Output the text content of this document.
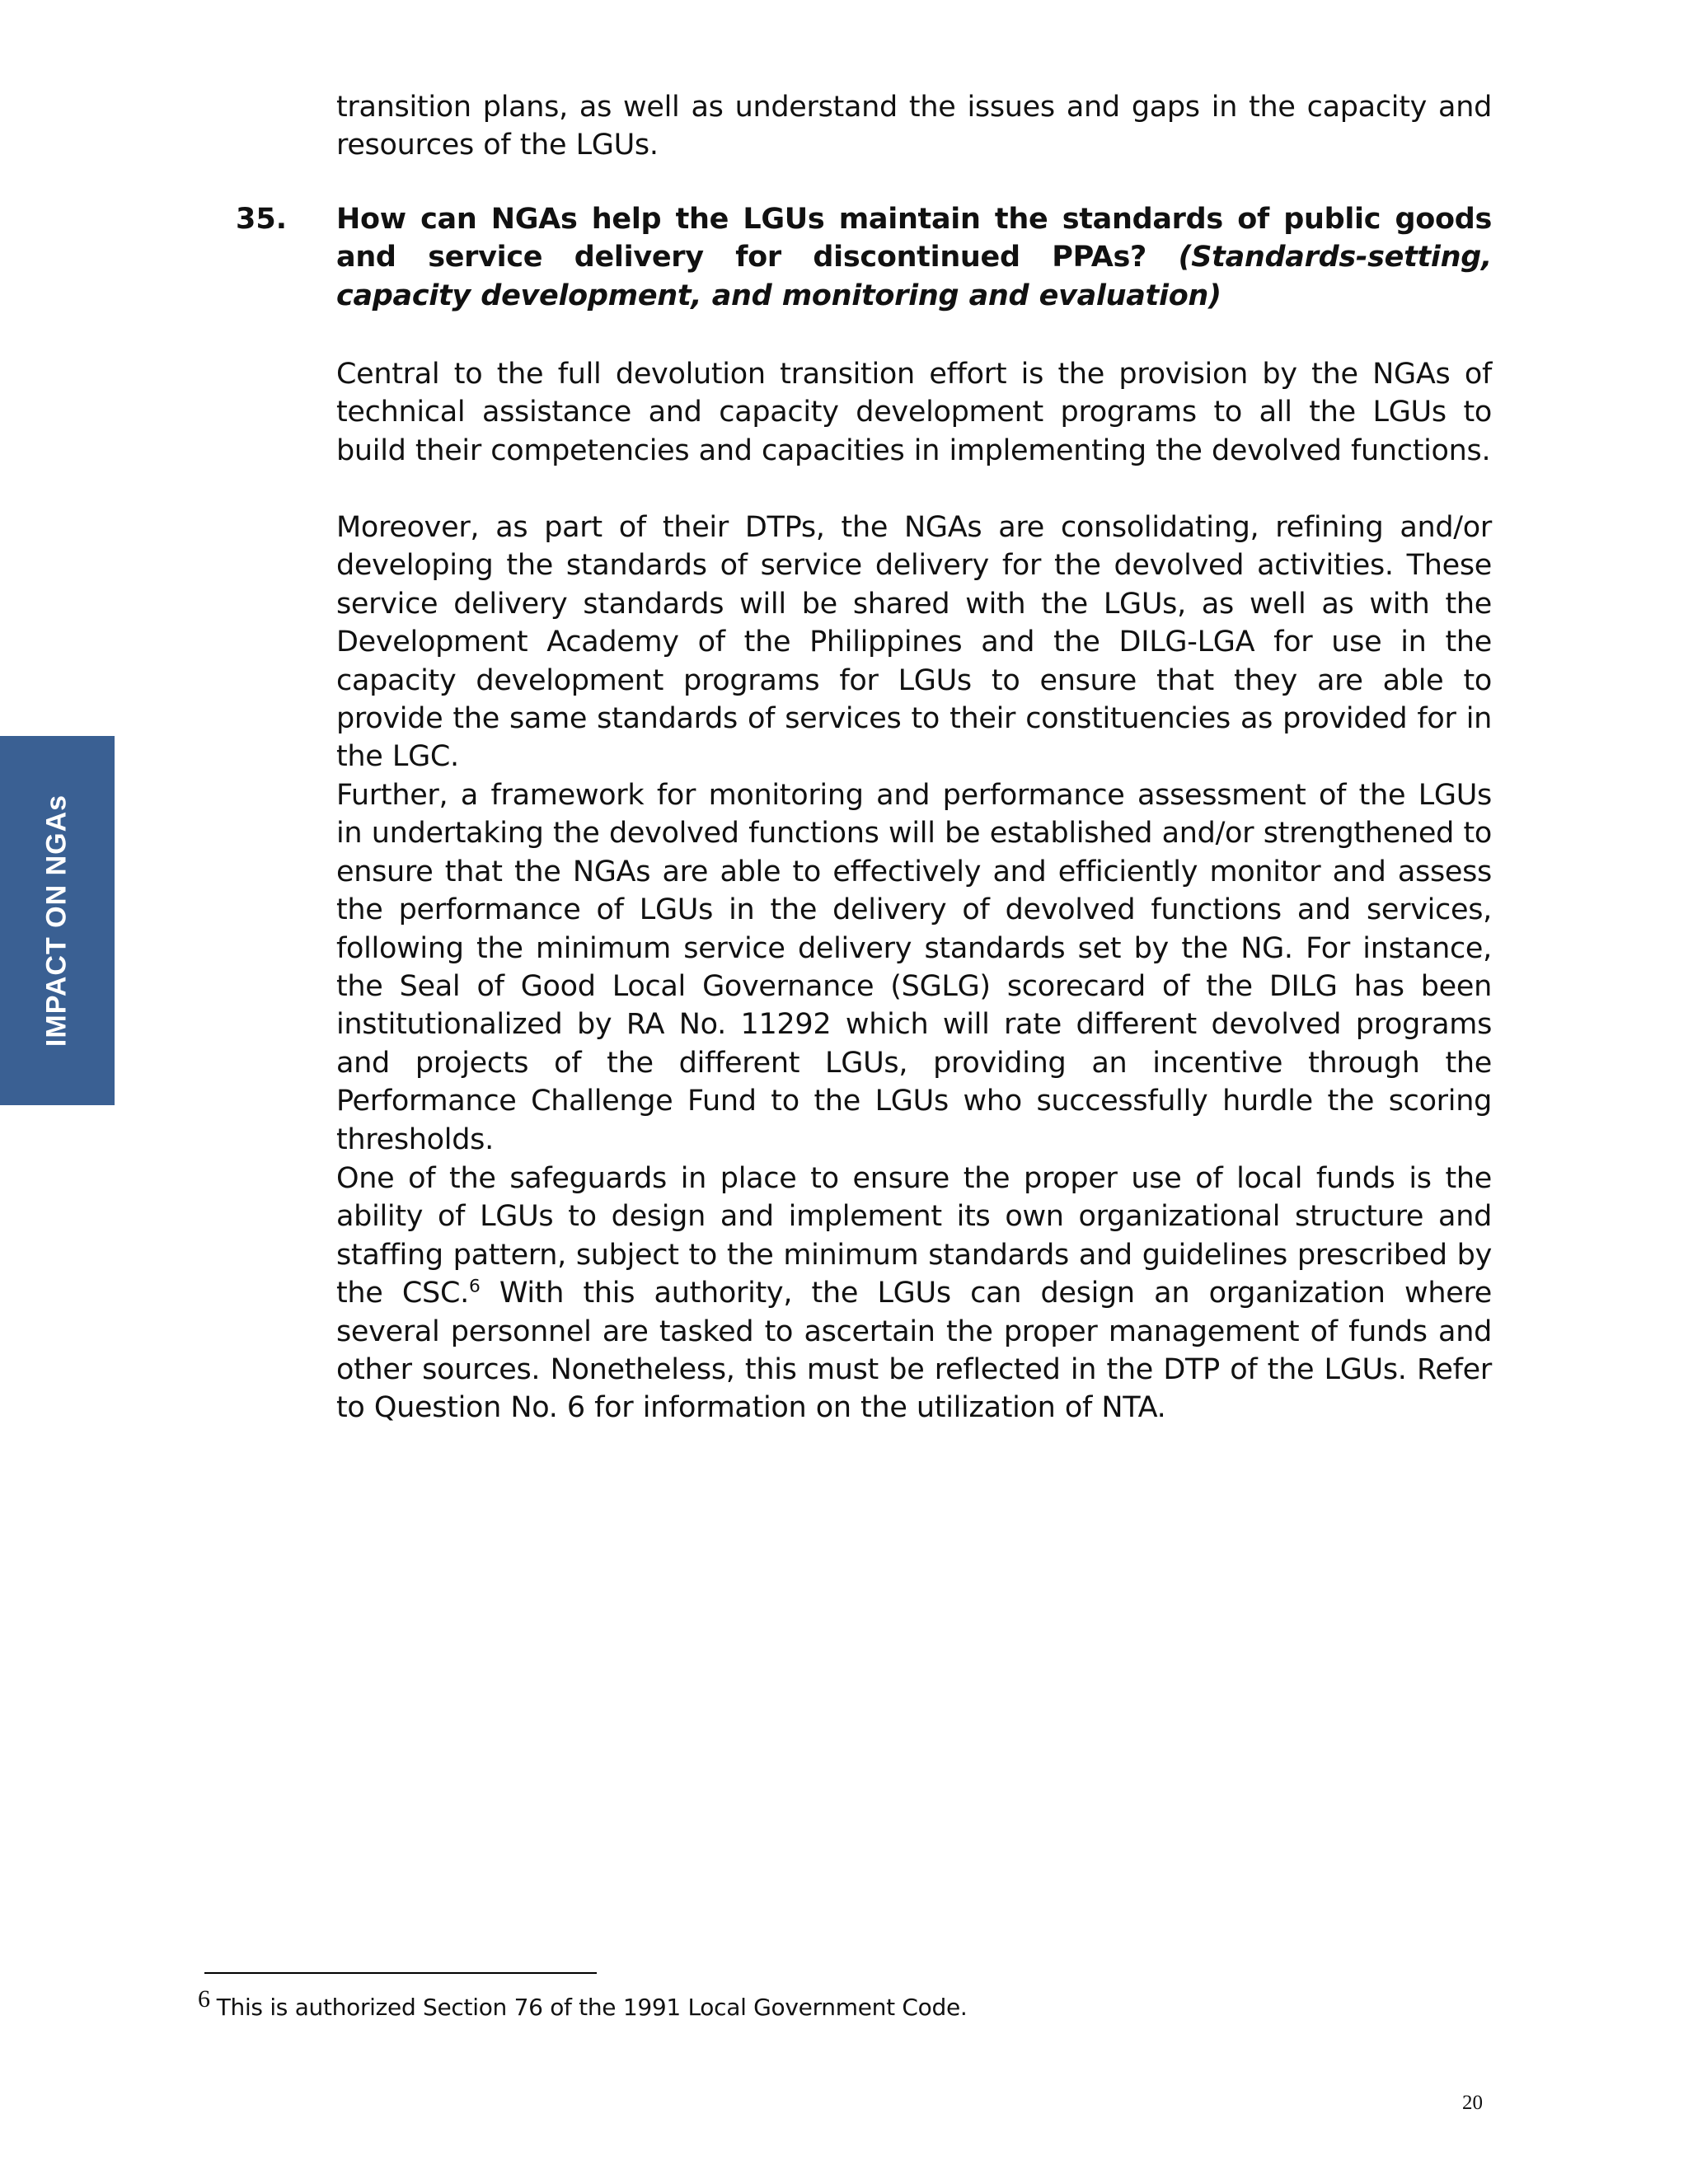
IMPACT ON NGAs
transition plans, as well as understand the issues and gaps in the capacity and resources of the LGUs.
35. How can NGAs help the LGUs maintain the standards of public goods and service delivery for discontinued PPAs? (Standards-setting, capacity development, and monitoring and evaluation)
Central to the full devolution transition effort is the provision by the NGAs of technical assistance and capacity development programs to all the LGUs to build their competencies and capacities in implementing the devolved functions.
Moreover, as part of their DTPs, the NGAs are consolidating, refining and/or developing the standards of service delivery for the devolved activities. These service delivery standards will be shared with the LGUs, as well as with the Development Academy of the Philippines and the DILG-LGA for use in the capacity development programs for LGUs to ensure that they are able to provide the same standards of services to their constituencies as provided for in the LGC.
Further, a framework for monitoring and performance assessment of the LGUs in undertaking the devolved functions will be established and/or strengthened to ensure that the NGAs are able to effectively and efficiently monitor and assess the performance of LGUs in the delivery of devolved functions and services, following the minimum service delivery standards set by the NG. For instance, the Seal of Good Local Governance (SGLG) scorecard of the DILG has been institutionalized by RA No. 11292 which will rate different devolved programs and projects of the different LGUs, providing an incentive through the Performance Challenge Fund to the LGUs who successfully hurdle the scoring thresholds.
One of the safeguards in place to ensure the proper use of local funds is the ability of LGUs to design and implement its own organizational structure and staffing pattern, subject to the minimum standards and guidelines prescribed by the CSC.$^6$ With this authority, the LGUs can design an organization where several personnel are tasked to ascertain the proper management of funds and other sources. Nonetheless, this must be reflected in the DTP of the LGUs. Refer to Question No. 6 for information on the utilization of NTA.
6 This is authorized Section 76 of the 1991 Local Government Code.
20
